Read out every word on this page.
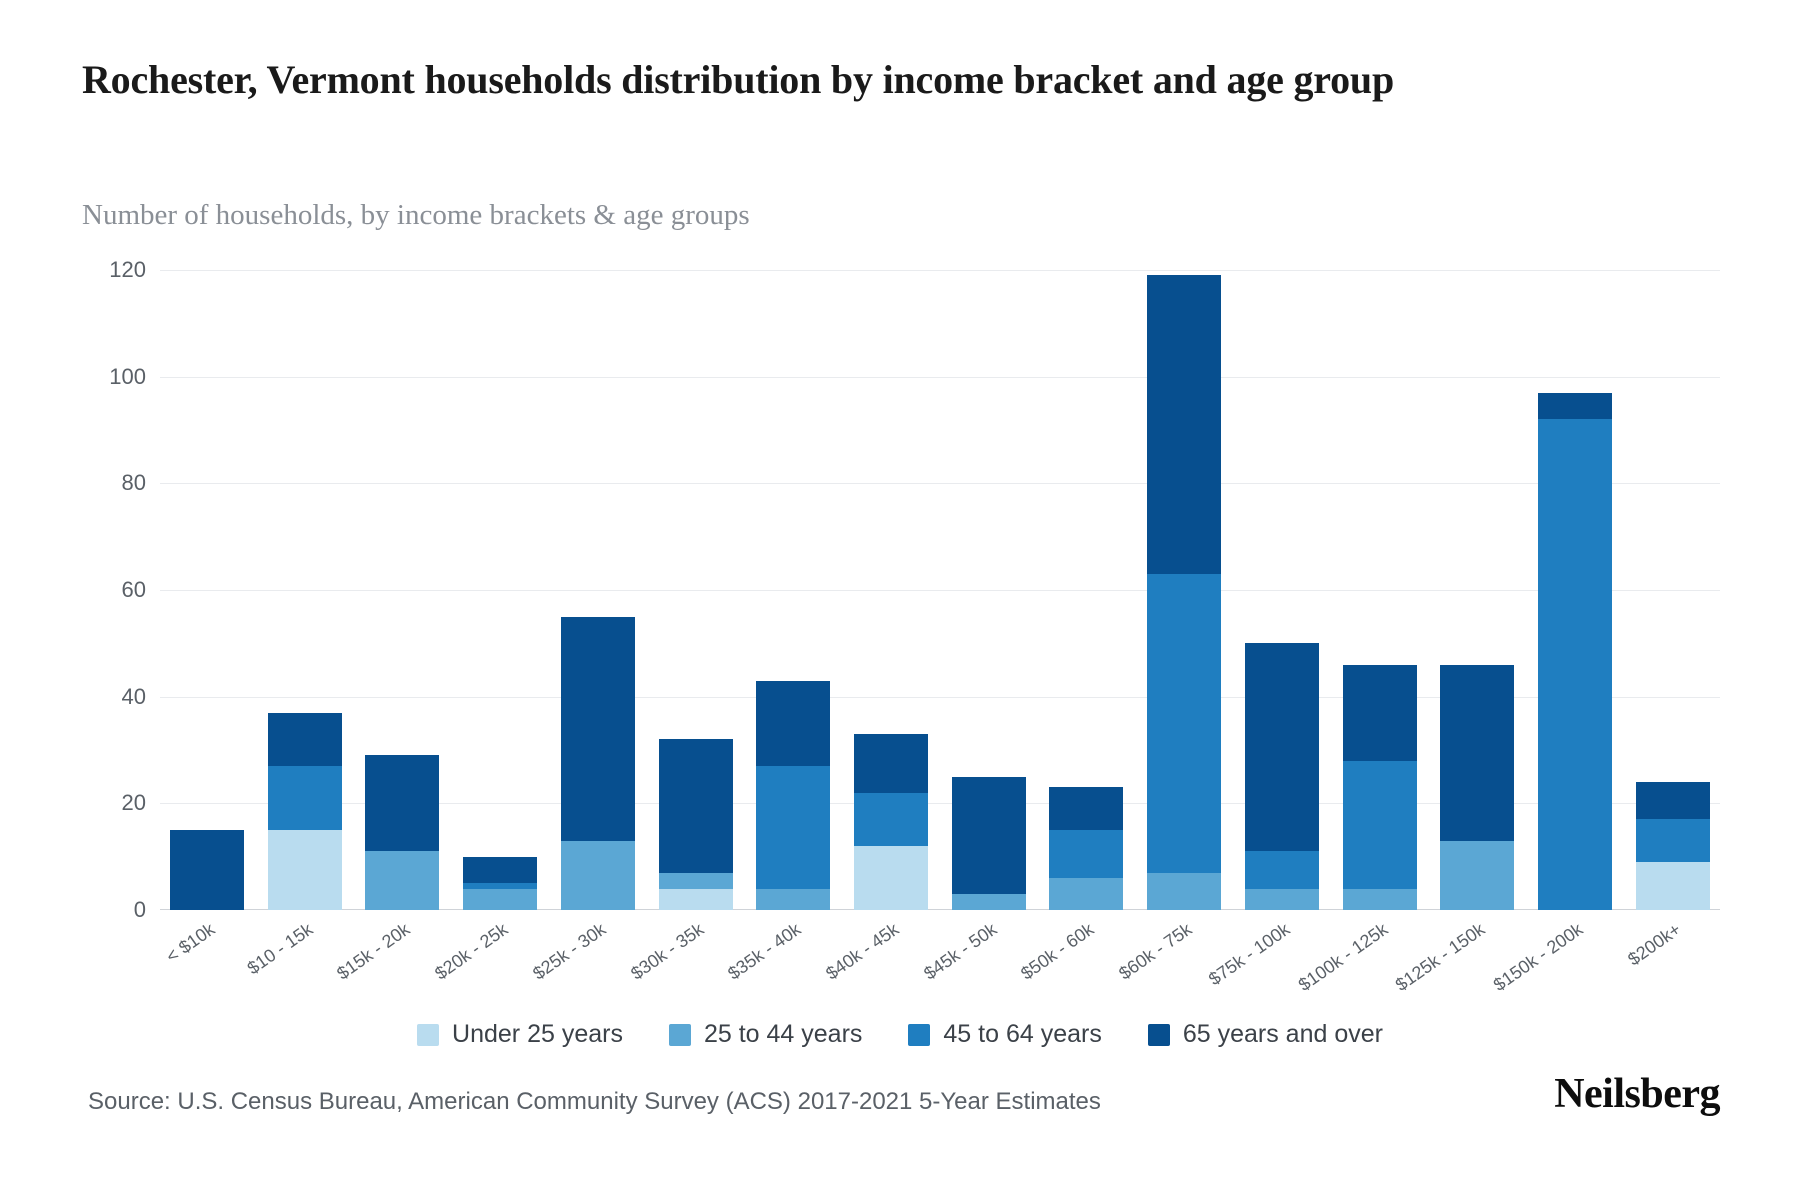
Rochester, Vermont households distribution by income bracket and age group
Number of households, by income brackets & age groups
0
20
40
60
80
100
120
< $10k $10 - 15k $15k - 20k $20k - 25k $25k - 30k $30k - 35k $35k - 40k $40k - 45k $45k - 50k $50k - 60k $60k - 75k $75k - 100k $100k - 125k $125k - 150k $150k - 200k $200k+
Under 25 years	25 to 44 years	45 to 64 years	65 years and over
Source: U.S. Census Bureau, American Community Survey (ACS) 2017-2021 5-Year Estimates	Neilsberg
